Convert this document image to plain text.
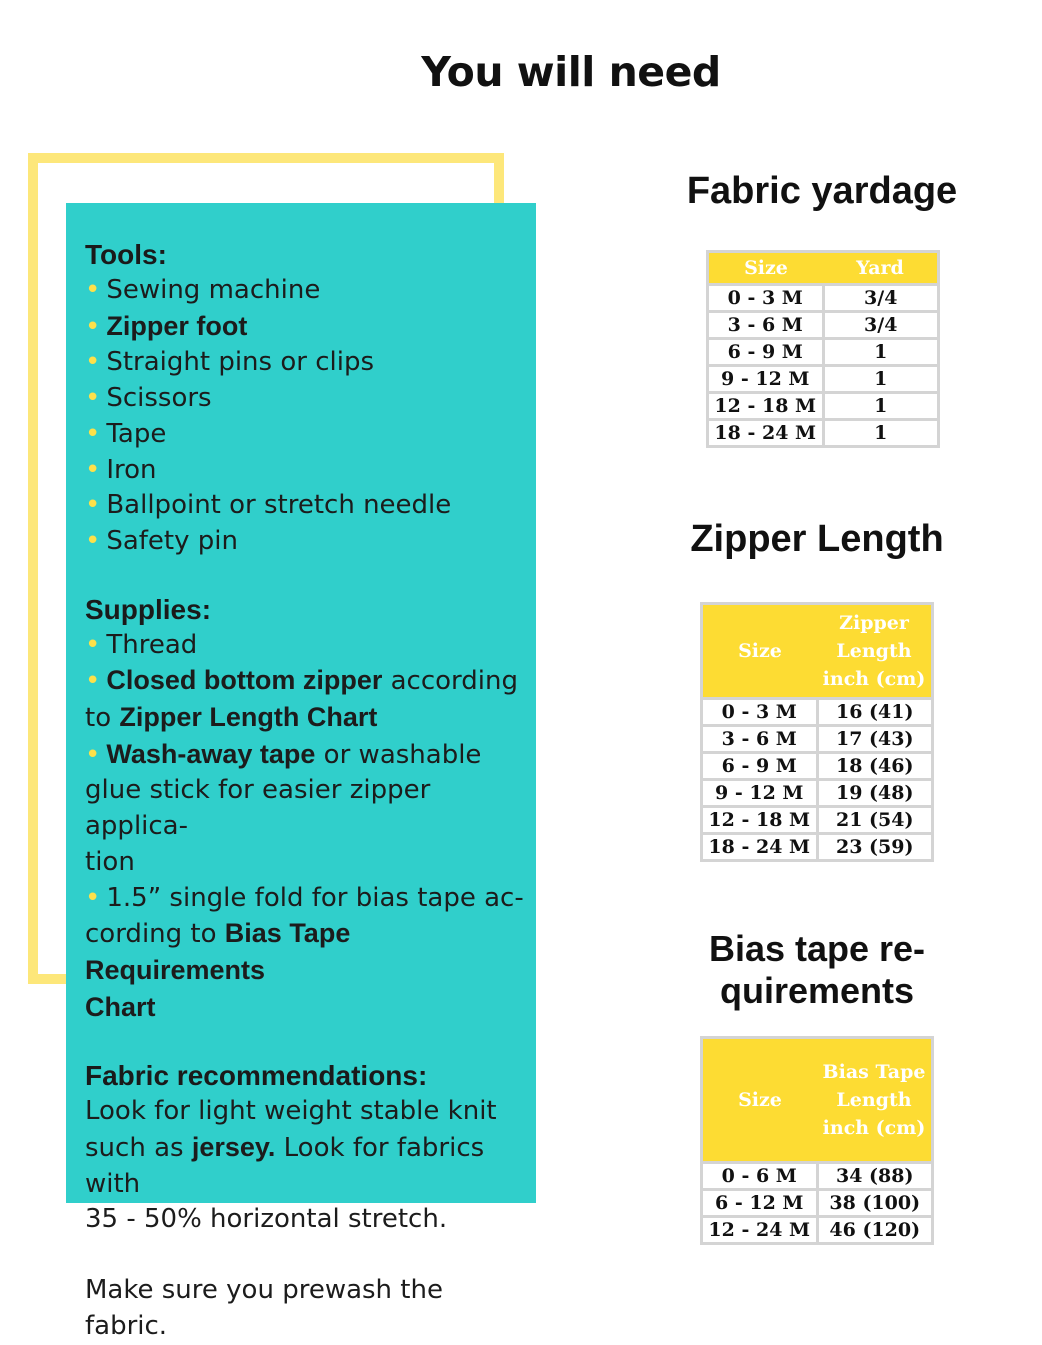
You will need
Tools:
• Sewing machine
• Zipper foot
• Straight pins or clips
• Scissors
• Tape
• Iron
• Ballpoint or stretch needle
• Safety pin
Supplies:

• Thread

• Closed bottom zipper according
to Zipper Length Chart

• Wash-away tape or washable
glue stick for easier zipper applica-
tion

• 1.5” single fold for bias tape ac-
cording to Bias Tape Requirements
Chart

Fabric recommendations:

Look for light weight stable knit
such as jersey. Look for fabrics with
35 - 50% horizontal stretch.

Make sure you prewash the fabric.

Fabric yardage
Size	Yard
0 - 3 M	3/4
3 - 6 M	3/4
6 - 9 M	1
9 - 12 M	1
12 - 18 M	1
18 - 24 M	1
Zipper Length
Size	Zipper
Length
inch (cm)
0 - 3 M	16 (41)
3 - 6 M	17 (43)
6 - 9 M	18 (46)
9 - 12 M	19 (48)
12 - 18 M	21 (54)
18 - 24 M	23 (59)
Bias tape re-
quirements
Size	Bias Tape
Length
inch (cm)
0 - 6 M	34 (88)
6 - 12 M	38 (100)
12 - 24 M	46 (120)
